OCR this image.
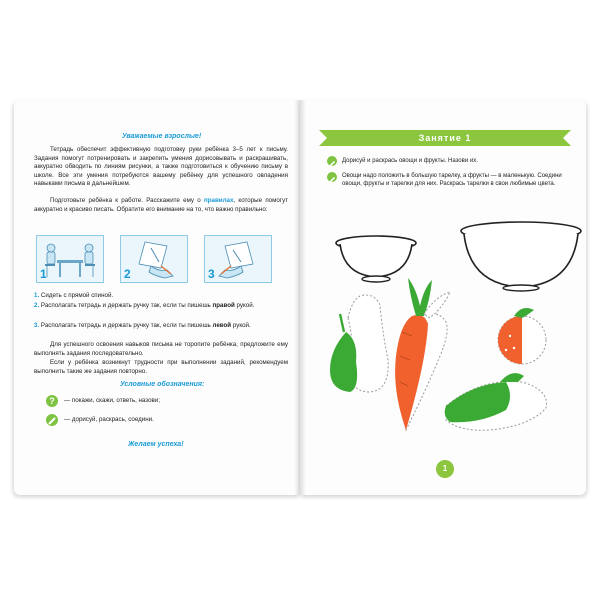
Уважаемые взрослые!
Тетрадь обеспечит эффективную подготовку руки ребёнка 3–5 лет к письму. Задания помогут потренировать и закрепить умения дорисовывать и раскрашивать, аккуратно обводить по линиям рисунки, а также подготовиться к обучению письму в школе. Все эти умения потребуются вашему ребёнку для успешного овладения навыками письма в дальнейшем.
Подготовьте ребёнка к работе. Расскажите ему о правилах, которые помогут аккуратно и красиво писать. Обратите его внимание на то, что важно правильно:
1	2	3
1. Сидеть с прямой спиной.
2. Располагать тетрадь и держать ручку так, если ты пишешь правой рукой.
3. Располагать тетрадь и держать ручку так, если ты пишешь левой рукой.
Для успешного освоения навыков письма не торопите ребёнка, предложите ему выполнять задания последовательно.
Если у ребёнка возникнут трудности при выполнении заданий, рекомендуем выполнить такие же задания повторно.
Условные обозначения:
?	— покажи, скажи, ответь, назови;
— дорисуй, раскрась, соедини.
Желаем успеха!
Занятие 1
Дорисуй и раскрась овощи и фрукты. Назови их.
Овощи надо положить в большую тарелку, а фрукты — в маленькую. Соедини овощи, фрукты и тарелки для них. Раскрась тарелки в свои любимые цвета.
1
